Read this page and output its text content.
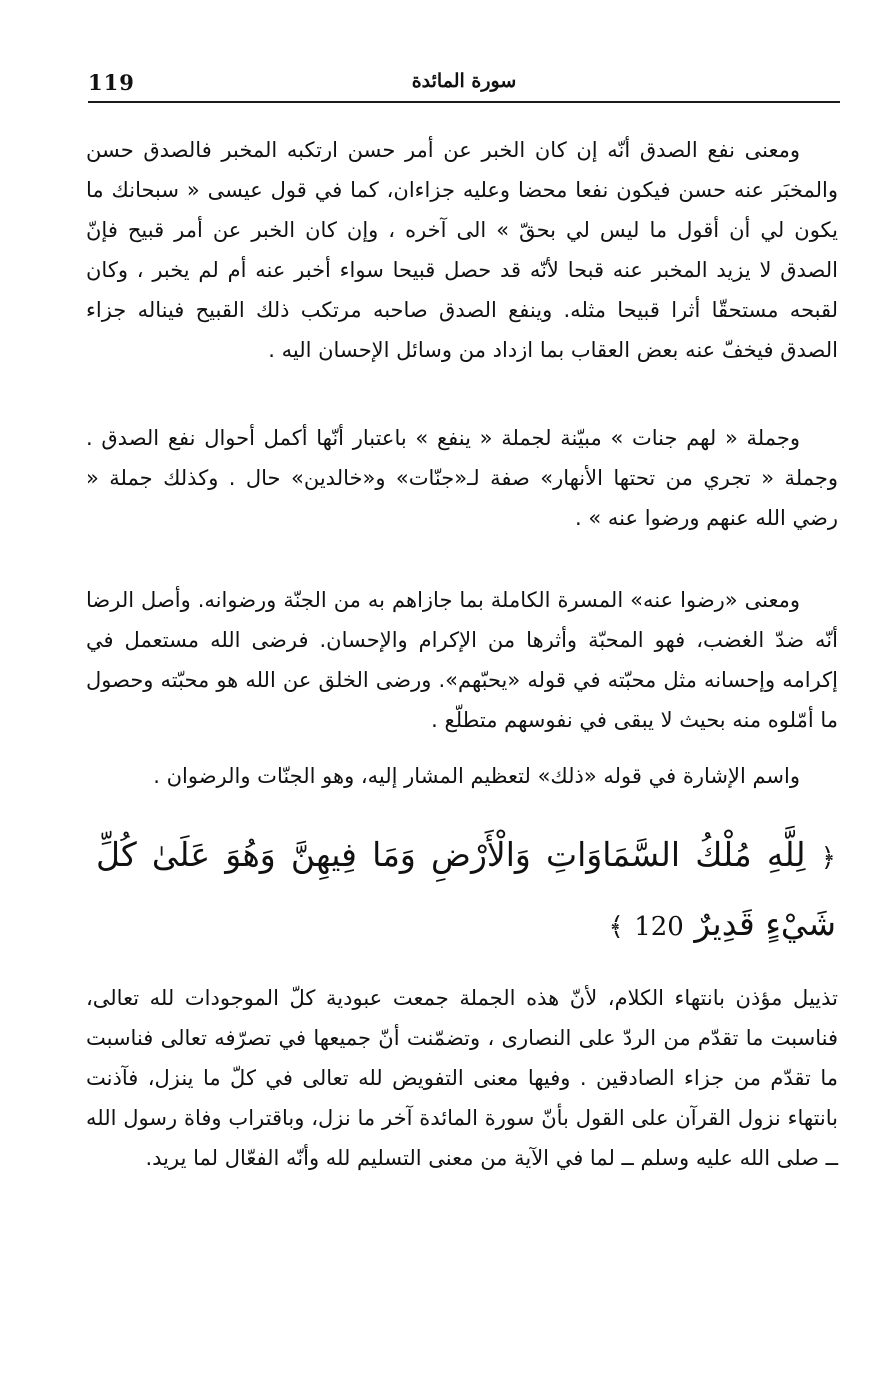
119	سورة المائدة

ومعنى نفع الصدق أنّه إن كان الخبر عن أمر حسن ارتكبه المخبر فالصدق حسن والمخبَر عنه حسن فيكون نفعا محضا وعليه جزاءان، كما في قول عيسى « سبحانك ما يكون لي أن أقول ما ليس لي بحقّ » الى آخره ، وإن كان الخبر عن أمر قبيح فإنّ الصدق لا يزيد المخبر عنه قبحا لأنّه قد حصل قبيحا سواء أخبر عنه أم لم يخبر ، وكان لقبحه مستحقّا أثرا قبيحا مثله. وينفع الصدق صاحبه مرتكب ذلك القبيح فيناله جزاء الصدق فيخفّ عنه بعض العقاب بما ازداد من وسائل الإحسان اليه .

وجملة « لهم جنات » مبيّنة لجملة « ينفع » باعتبار أنّها أكمل أحوال نفع الصدق . وجملة « تجري من تحتها الأنهار» صفة لـ«جنّات» و«خالدين» حال . وكذلك جملة « رضي الله عنهم ورضوا عنه » .

ومعنى «رضوا عنه» المسرة الكاملة بما جازاهم به من الجنّة ورضوانه. وأصل الرضا أنّه ضدّ الغضب، فهو المحبّة وأثرها من الإكرام والإحسان. فرضى الله مستعمل في إكرامه وإحسانه مثل محبّته في قوله «يحبّهم». ورضى الخلق عن الله هو محبّته وحصول ما أمّلوه منه بحيث لا يبقى في نفوسهم متطلّع .

واسم الإشارة في قوله «ذلك» لتعظيم المشار إليه، وهو الجنّات والرضوان .

﴿ لِلَّهِ مُلْكُ السَّمَاوَاتِ وَالْأَرْضِ وَمَا فِيهِنَّ وَهُوَ عَلَىٰ كُلِّ شَيْءٍ قَدِيرٌ 120 ﴾

تذييل مؤذن بانتهاء الكلام، لأنّ هذه الجملة جمعت عبودية كلّ الموجودات لله تعالى، فناسبت ما تقدّم من الردّ على النصارى ، وتضمّنت أنّ جميعها في تصرّفه تعالى فناسبت ما تقدّم من جزاء الصادقين . وفيها معنى التفويض لله تعالى في كلّ ما ينزل، فآذنت بانتهاء نزول القرآن على القول بأنّ سورة المائدة آخر ما نزل، وباقتراب وفاة رسول الله ــ صلى الله عليه وسلم ــ لما في الآية من معنى التسليم لله وأنّه الفعّال لما يريد.
